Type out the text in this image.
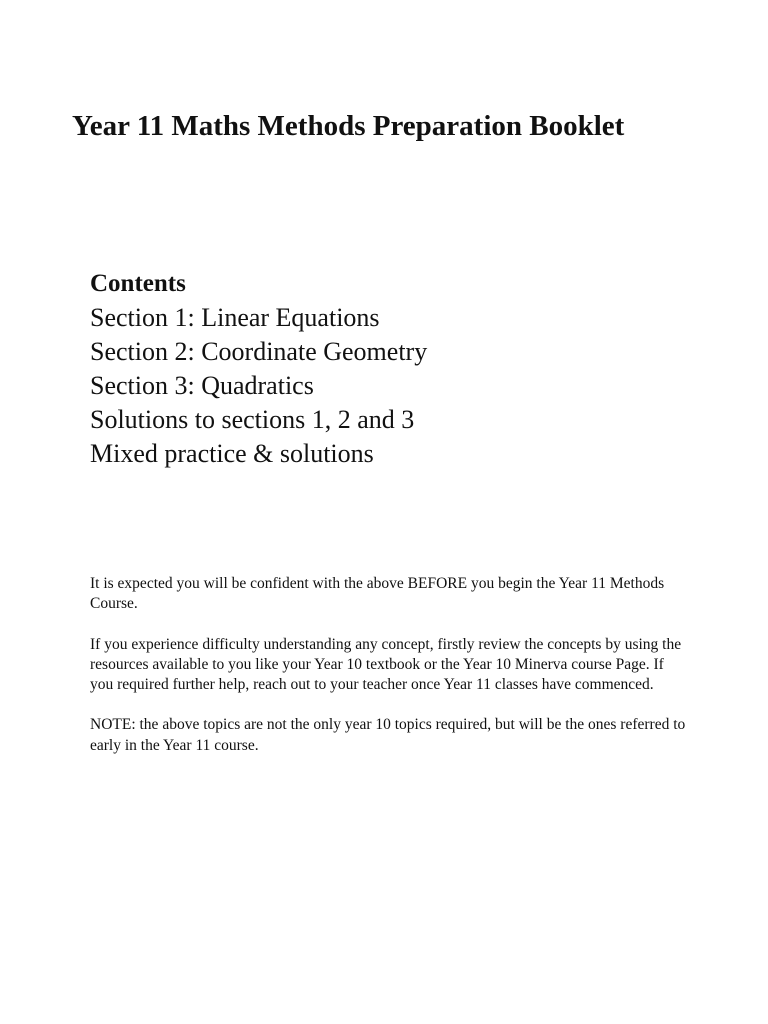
Year 11 Maths Methods Preparation Booklet
Contents
Section 1: Linear Equations
Section 2: Coordinate Geometry
Section 3: Quadratics
Solutions to sections 1, 2 and 3
Mixed practice & solutions

It is expected you will be confident with the above BEFORE you begin the Year 11 Methods Course.

If you experience difficulty understanding any concept, firstly review the concepts by using the resources available to you like your Year 10 textbook or the Year 10 Minerva course Page. If you required further help, reach out to your teacher once Year 11 classes have commenced.

NOTE: the above topics are not the only year 10 topics required, but will be the ones referred to early in the Year 11 course.
